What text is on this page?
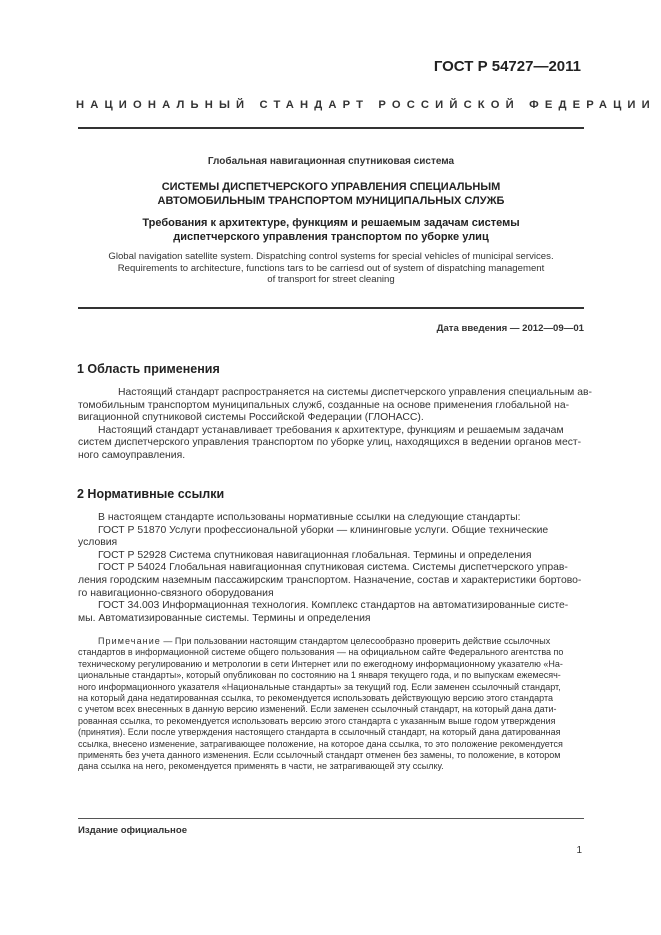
ГОСТ Р 54727—2011
НАЦИОНАЛЬНЫЙ СТАНДАРТ РОССИЙСКОЙ ФЕДЕРАЦИИ
Глобальная навигационная спутниковая система
СИСТЕМЫ ДИСПЕТЧЕРСКОГО УПРАВЛЕНИЯ СПЕЦИАЛЬНЫМ
АВТОМОБИЛЬНЫМ ТРАНСПОРТОМ МУНИЦИПАЛЬНЫХ СЛУЖБ
Требования к архитектуре, функциям и решаемым задачам системы
диспетчерского управления транспортом по уборке улиц
Global navigation satellite system. Dispatching control systems for special vehicles of municipal services.
Requirements to architecture, functions tars to be carriesd out of system of dispatching management
of transport for street cleaning
Дата введения — 2012—09—01
1 Область применения

Настоящий стандарт распространяется на системы диспетчерского управления специальным ав-

томобильным транспортом муниципальных служб, созданные на основе применения глобальной на-

вигационной спутниковой системы Российской Федерации (ГЛОНАСС).

Настоящий стандарт устанавливает требования к архитектуре, функциям и решаемым задачам

систем диспетчерского управления транспортом по уборке улиц, находящихся в ведении органов мест-

ного самоуправления.

2 Нормативные ссылки

В настоящем стандарте использованы нормативные ссылки на следующие стандарты:

ГОСТ Р 51870 Услуги профессиональной уборки — клининговые услуги. Общие технические

условия

ГОСТ Р 52928 Система спутниковая навигационная глобальная. Термины и определения

ГОСТ Р 54024 Глобальная навигационная спутниковая система. Системы диспетчерского управ-

ления городским наземным пассажирским транспортом. Назначение, состав и характеристики бортово-

го навигационно-связного оборудования

ГОСТ 34.003 Информационная технология. Комплекс стандартов на автоматизированные систе-

мы. Автоматизированные системы. Термины и определения

Примечание — При пользовании настоящим стандартом целесообразно проверить действие ссылочных
стандартов в информационной системе общего пользования — на официальном сайте Федерального агентства по
техническому регулированию и метрологии в сети Интернет или по ежегодному информационному указателю «На-
циональные стандарты», который опубликован по состоянию на 1 января текущего года, и по выпускам ежемесяч-
ного информационного указателя «Национальные стандарты» за текущий год. Если заменен ссылочный стандарт,
на который дана недатированная ссылка, то рекомендуется использовать действующую версию этого стандарта
с учетом всех внесенных в данную версию изменений. Если заменен ссылочный стандарт, на который дана дати-
рованная ссылка, то рекомендуется использовать версию этого стандарта с указанным выше годом утверждения
(принятия). Если после утверждения настоящего стандарта в ссылочный стандарт, на который дана датированная
ссылка, внесено изменение, затрагивающее положение, на которое дана ссылка, то это положение рекомендуется
применять без учета данного изменения. Если ссылочный стандарт отменен без замены, то положение, в котором
дана ссылка на него, рекомендуется применять в части, не затрагивающей эту ссылку.
Издание официальное
1
